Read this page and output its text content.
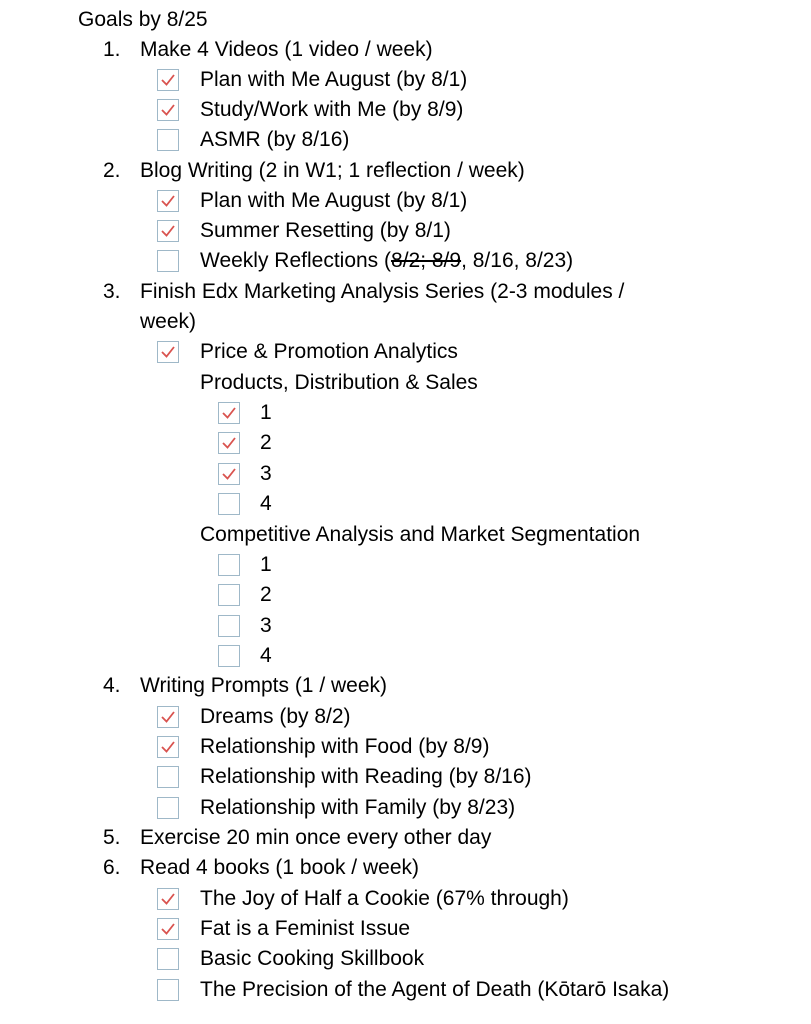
Goals by 8/25
1. Make 4 Videos (1 video / week)
Plan with Me August (by 8/1)
Study/Work with Me (by 8/9)
ASMR (by 8/16)
2. Blog Writing (2 in W1; 1 reflection / week)
Plan with Me August (by 8/1)
Summer Resetting (by 8/1)
Weekly Reflections (8/2; 8/9, 8/16, 8/23)
3. Finish Edx Marketing Analysis Series (2-3 modules /
week)
Price & Promotion Analytics
Products, Distribution & Sales
1
2
3
4
Competitive Analysis and Market Segmentation
1
2
3
4
4. Writing Prompts (1 / week)
Dreams (by 8/2)
Relationship with Food (by 8/9)
Relationship with Reading (by 8/16)
Relationship with Family (by 8/23)
5. Exercise 20 min once every other day
6. Read 4 books (1 book / week)
The Joy of Half a Cookie (67% through)
Fat is a Feminist Issue
Basic Cooking Skillbook
The Precision of the Agent of Death (Kōtarō Isaka)
